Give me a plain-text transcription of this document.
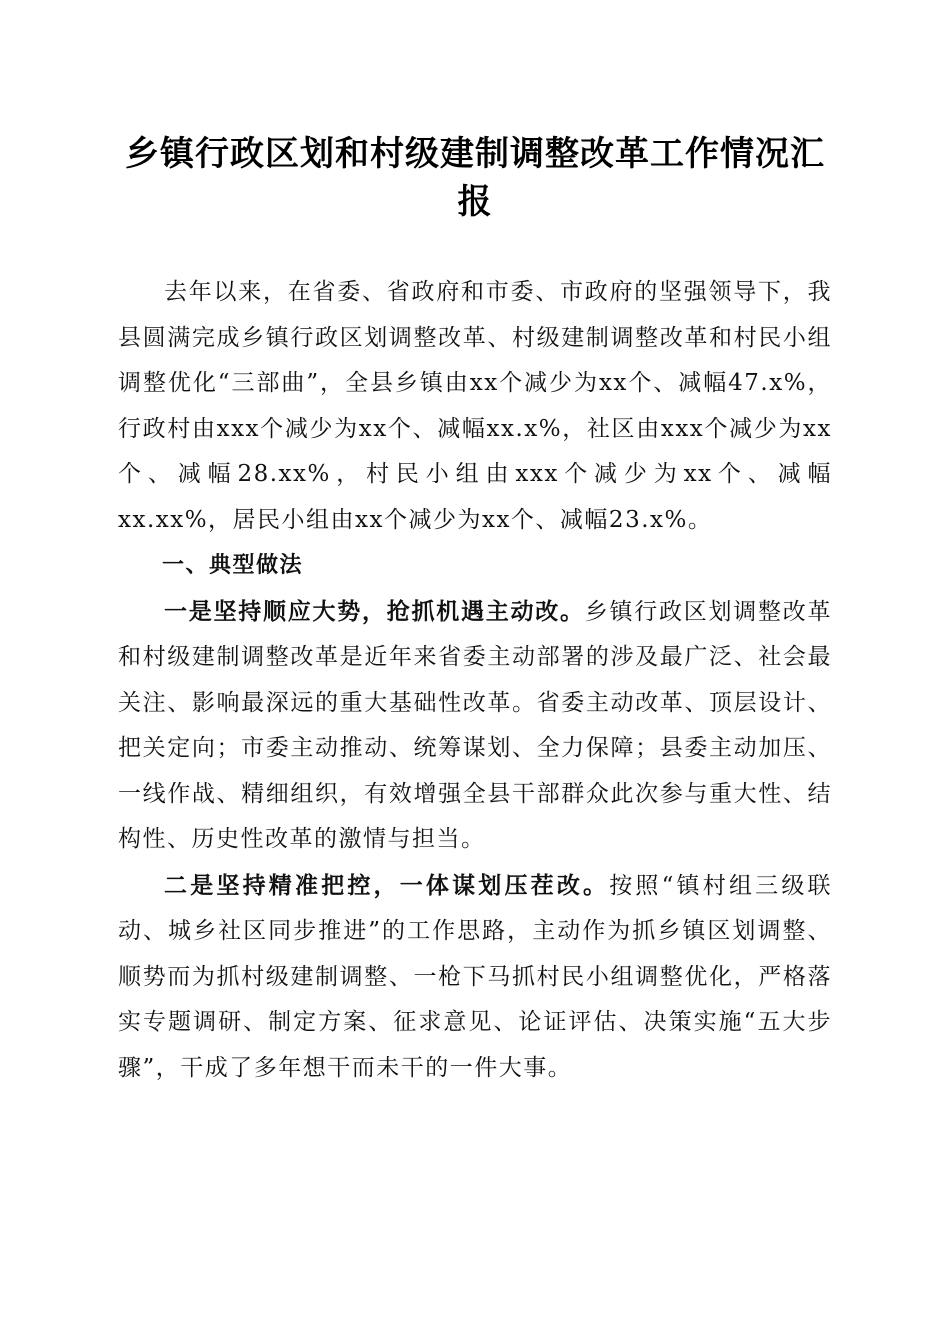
乡镇行政区划和村级建制调整改革工作情况汇报

去年以来，在省委、省政府和市委、市政府的坚强领导下，我县圆满完成乡镇行政区划调整改革、村级建制调整改革和村民小组调整优化“三部曲”，全县乡镇由xx个减少为xx个、减幅47.x%，行政村由xxx个减少为xx个、减幅xx.x%，社区由xxx个减少为xx个、减幅28.xx%，村民小组由xxx个减少为xx个、减幅xx.xx%，居民小组由xx个减少为xx个、减幅23.x%。

一、典型做法

一是坚持顺应大势，抢抓机遇主动改。乡镇行政区划调整改革和村级建制调整改革是近年来省委主动部署的涉及最广泛、社会最关注、影响最深远的重大基础性改革。省委主动改革、顶层设计、把关定向；市委主动推动、统筹谋划、全力保障；县委主动加压、一线作战、精细组织，有效增强全县干部群众此次参与重大性、结构性、历史性改革的激情与担当。

二是坚持精准把控，一体谋划压茬改。按照“镇村组三级联动、城乡社区同步推进”的工作思路，主动作为抓乡镇区划调整、顺势而为抓村级建制调整、一枪下马抓村民小组调整优化，严格落实专题调研、制定方案、征求意见、论证评估、决策实施“五大步骤”，干成了多年想干而未干的一件大事。
